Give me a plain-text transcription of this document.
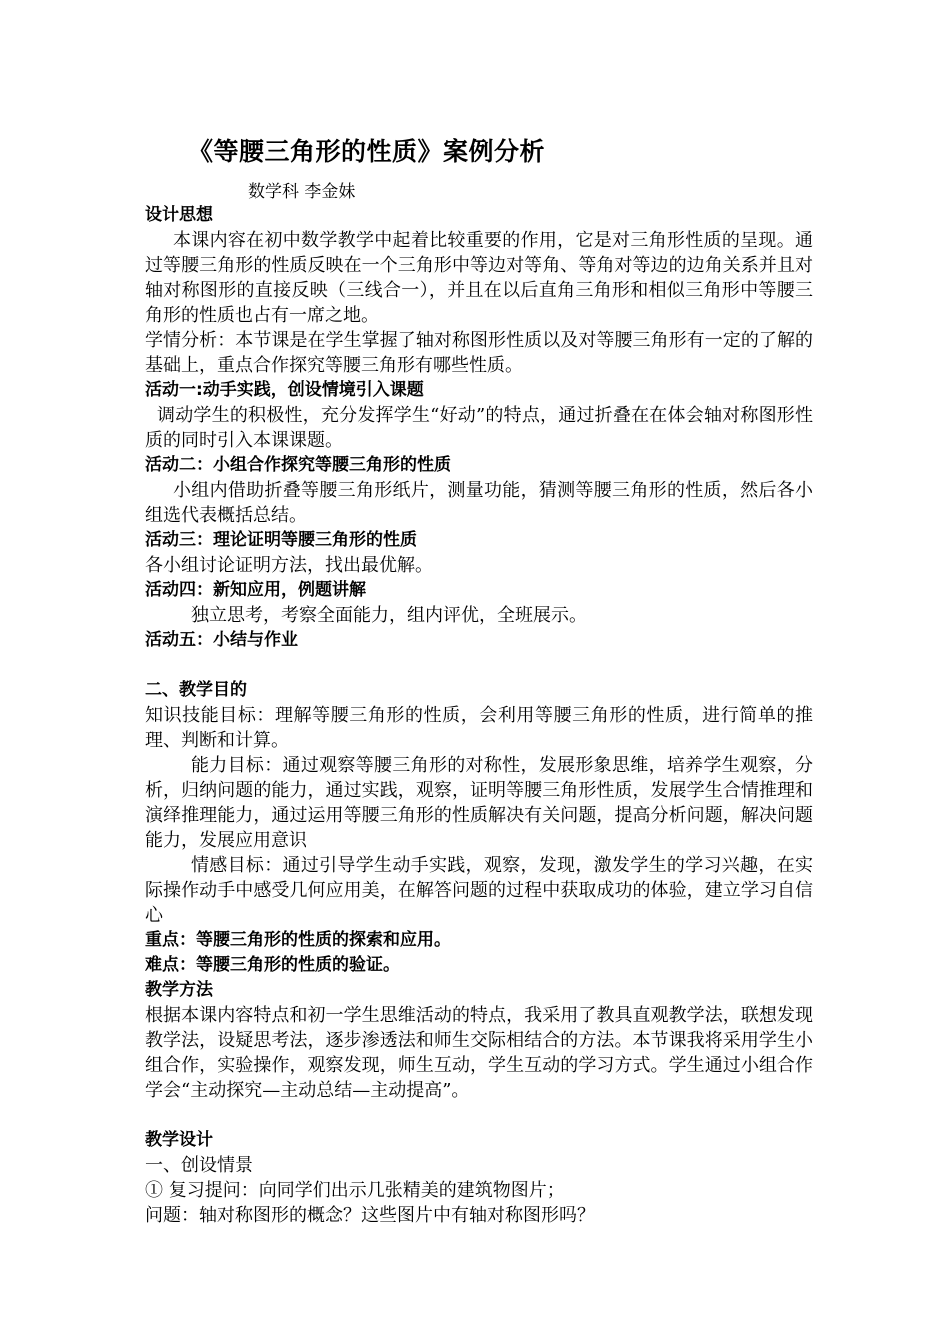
《等腰三角形的性质》案例分析
数学科 李金妹

设计思想

本课内容在初中数学教学中起着比较重要的作用，它是对三角形性质的呈现。通过等腰三角形的性质反映在一个三角形中等边对等角、等角对等边的边角关系并且对轴对称图形的直接反映（三线合一），并且在以后直角三角形和相似三角形中等腰三角形的性质也占有一席之地。

学情分析：本节课是在学生掌握了轴对称图形性质以及对等腰三角形有一定的了解的基础上，重点合作探究等腰三角形有哪些性质。

活动一:动手实践，创设情境引入课题

调动学生的积极性，充分发挥学生“好动”的特点，通过折叠在在体会轴对称图形性质的同时引入本课课题。

活动二：小组合作探究等腰三角形的性质

小组内借助折叠等腰三角形纸片，测量功能，猜测等腰三角形的性质，然后各小组选代表概括总结。

活动三：理论证明等腰三角形的性质

各小组讨论证明方法，找出最优解。

活动四：新知应用，例题讲解

独立思考，考察全面能力，组内评优，全班展示。

活动五：小结与作业

二、教学目的

知识技能目标：理解等腰三角形的性质，会利用等腰三角形的性质，进行简单的推理、判断和计算。

能力目标：通过观察等腰三角形的对称性，发展形象思维，培养学生观察，分析，归纳问题的能力，通过实践，观察，证明等腰三角形性质，发展学生合情推理和演绎推理能力，通过运用等腰三角形的性质解决有关问题，提高分析问题，解决问题能力，发展应用意识

情感目标：通过引导学生动手实践，观察，发现，激发学生的学习兴趣，在实际操作动手中感受几何应用美，在解答问题的过程中获取成功的体验，建立学习自信心

重点：等腰三角形的性质的探索和应用。

难点：等腰三角形的性质的验证。

教学方法

根据本课内容特点和初一学生思维活动的特点，我采用了教具直观教学法，联想发现教学法，设疑思考法，逐步渗透法和师生交际相结合的方法。本节课我将采用学生小组合作，实验操作，观察发现，师生互动，学生互动的学习方式。学生通过小组合作学会“主动探究—主动总结—主动提高”。

教学设计

一、创设情景

① 复习提问：向同学们出示几张精美的建筑物图片；

问题：轴对称图形的概念？这些图片中有轴对称图形吗？
